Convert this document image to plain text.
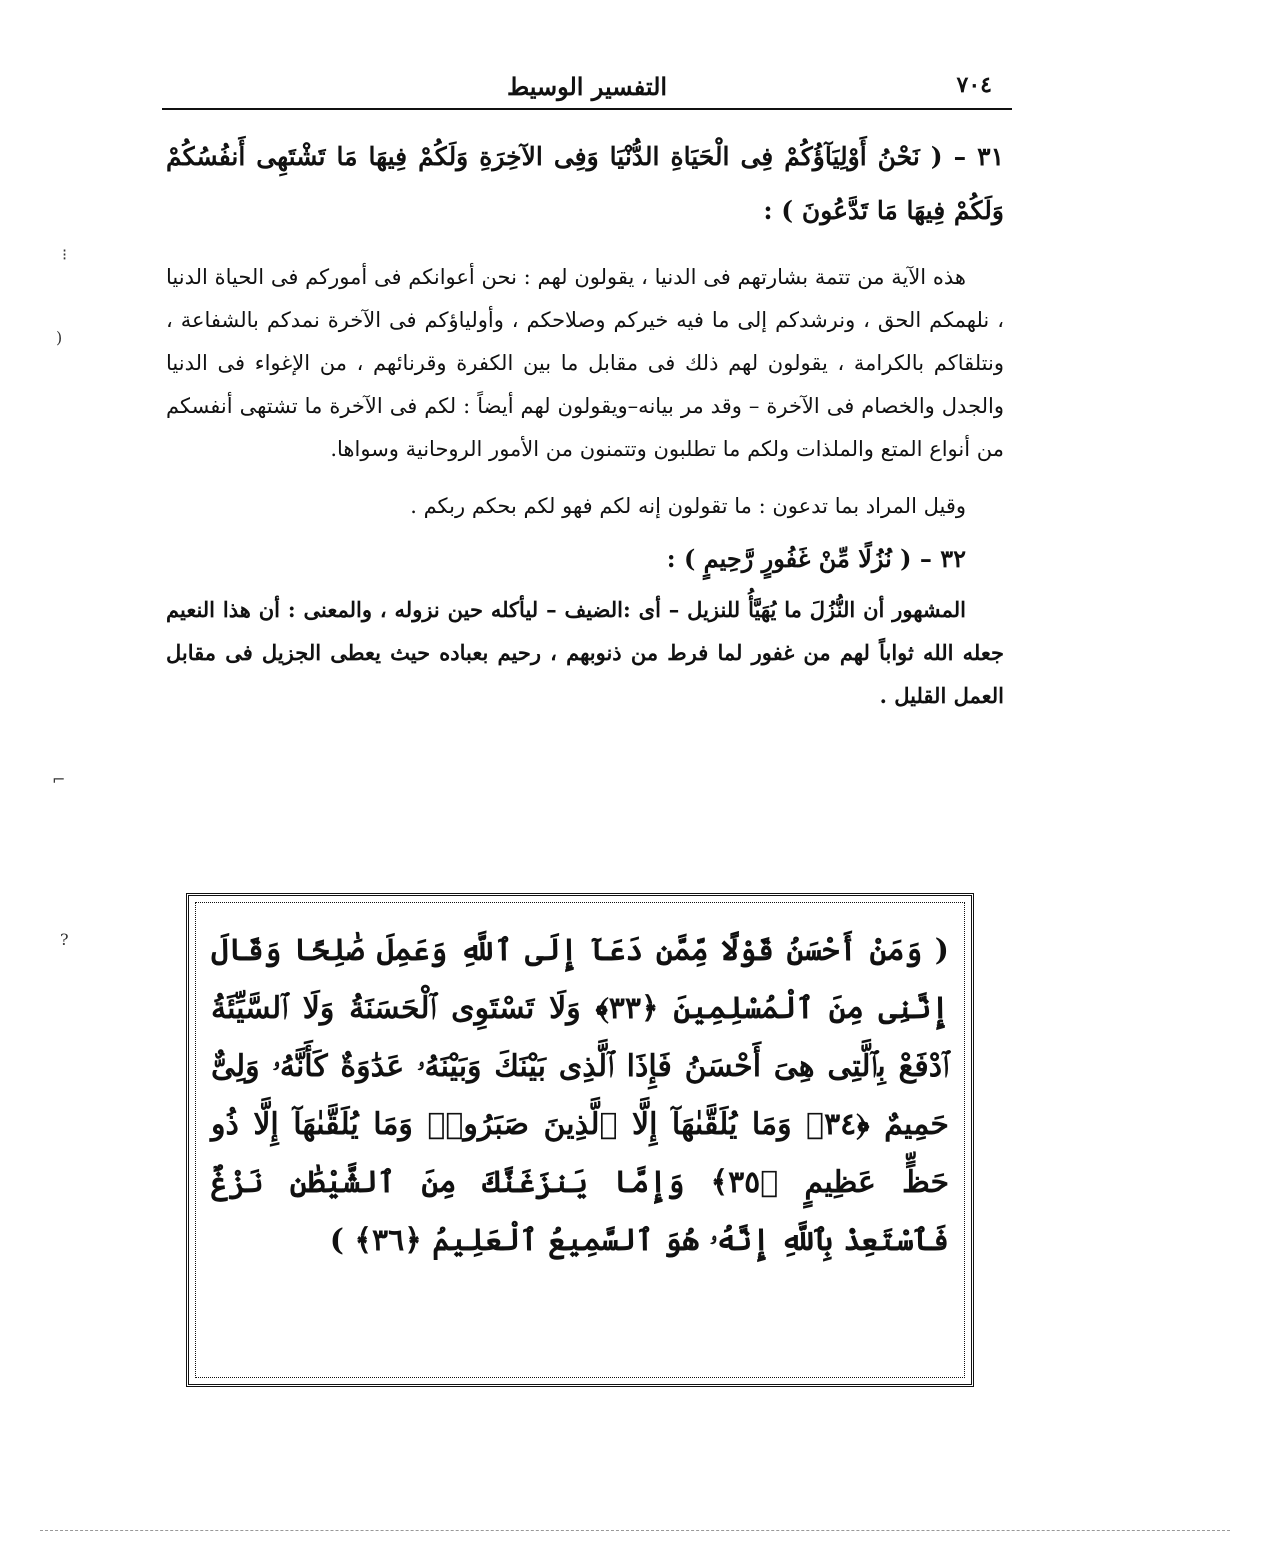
التفسير الوسيط	٧٠٤

٣١ – ( نَحْنُ أَوْلِيَآؤُكُمْ فِى الْحَيَاةِ الدُّنْيَا وَفِى الآخِرَةِ وَلَكُمْ فِيهَا مَا تَشْتَهِى أَنفُسُكُمْ وَلَكُمْ فِيهَا مَا تَدَّعُونَ ) :

هذه الآية من تتمة بشارتهم فى الدنيا ، يقولون لهم : نحن أعوانكم فى أموركم فى الحياة الدنيا ، نلهمكم الحق ، ونرشدكم إلى ما فيه خيركم وصلاحكم ، وأولياؤكم فى الآخرة نمدكم بالشفاعة ، ونتلقاكم بالكرامة ، يقولون لهم ذلك فى مقابل ما بين الكفرة وقرنائهم ، من الإغواء فى الدنيا والجدل والخصام فى الآخرة – وقد مر بيانه–ويقولون لهم أيضاً : لكم فى الآخرة ما تشتهى أنفسكم من أنواع المتع والملذات ولكم ما تطلبون وتتمنون من الأمور الروحانية وسواها.

وقيل المراد بما تدعون : ما تقولون إنه لكم فهو لكم بحكم ربكم .

٣٢ – ( نُزُلًا مِّنْ غَفُورٍ رَّحِيمٍ ) :

المشهور أن النُّزُلَ ما يُهَيَّأُ للنزيل – أى :الضيف – ليأكله حين نزوله ، والمعنى : أن هذا النعيم جعله الله ثواباً لهم من غفور لما فرط من ذنوبهم ، رحيم بعباده حيث يعطى الجزيل فى مقابل العمل القليل .

( وَمَنْ أَحْسَنُ قَوْلًا مِّمَّن دَعَآ إِلَى ٱللَّهِ وَعَمِلَ صَٰلِحًا وَقَالَ إِنَّنِى مِنَ ٱلْمُسْلِمِينَ ﴿٣٣﴾ وَلَا تَسْتَوِى ٱلْحَسَنَةُ وَلَا ٱلسَّيِّئَةُ ٱدْفَعْ بِٱلَّتِى هِىَ أَحْسَنُ فَإِذَا ٱلَّذِى بَيْنَكَ وَبَيْنَهُۥ عَدَٰوَةٌ كَأَنَّهُۥ وَلِىٌّ حَمِيمٌ ﴿٣٤﴾ وَمَا يُلَقَّىٰهَآ إِلَّا ٱلَّذِينَ صَبَرُوا۟ وَمَا يُلَقَّىٰهَآ إِلَّا ذُو حَظٍّ عَظِيمٍ ﴿٣٥﴾ وَإِمَّا يَنزَغَنَّكَ مِنَ ٱلشَّيْطَٰنِ نَزْغٌ فَٱسْتَعِذْ بِٱللَّهِ إِنَّهُۥ هُوَ ٱلسَّمِيعُ ٱلْعَلِيمُ ﴿٣٦﴾ )
⁝
)
⌐
?
